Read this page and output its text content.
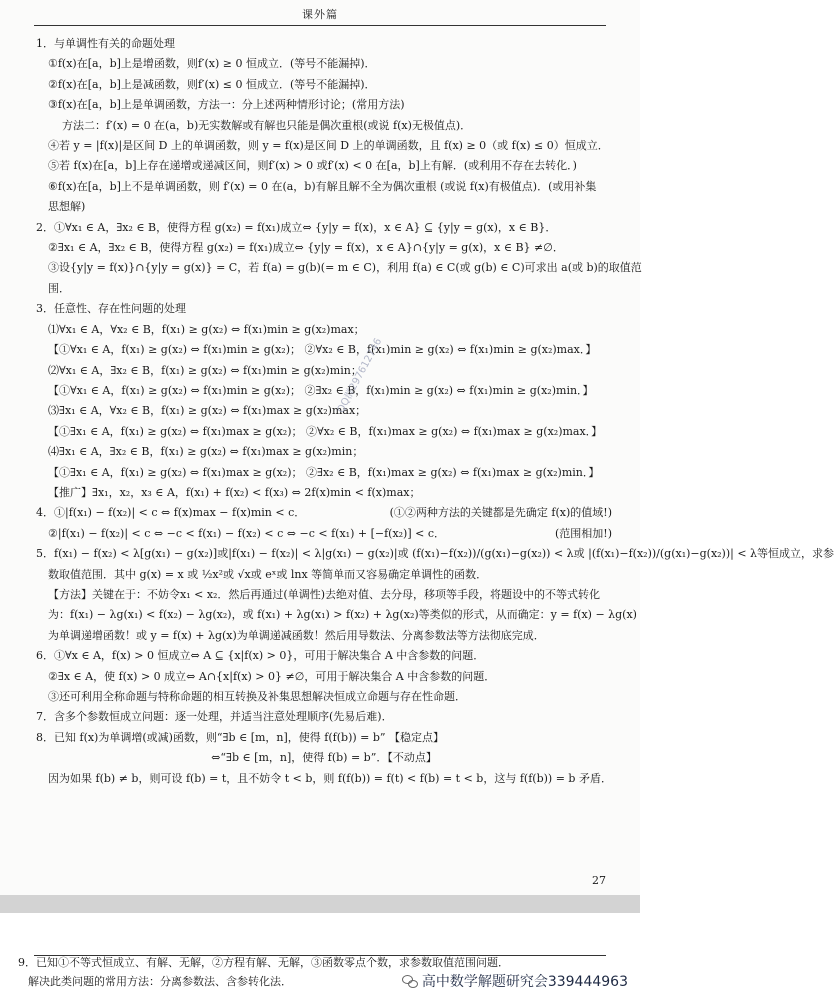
课外篇
1．与单调性有关的命题处理
①f(x)在[a，b]上是增函数，则f′(x) ≥ 0 恒成立．(等号不能漏掉)．
②f(x)在[a，b]上是减函数，则f′(x) ≤ 0 恒成立．(等号不能漏掉)．
③f(x)在[a，b]上是单调函数，方法一：分上述两种情形讨论；(常用方法)
方法二：f′(x) = 0 在(a，b)无实数解或有解也只能是偶次重根(或说 f(x)无极值点)．
④若 y = |f(x)|是区间 D 上的单调函数，则 y = f(x)是区间 D 上的单调函数，且 f(x) ≥ 0（或 f(x) ≤ 0）恒成立．
⑤若 f(x)在[a，b]上存在递增或递减区间，则f′(x) > 0 或f′(x) < 0 在[a，b]上有解．(或利用不存在去转化．)
⑥f(x)在[a，b]上不是单调函数，则 f′(x) = 0 在(a，b)有解且解不全为偶次重根 (或说 f(x)有极值点)．(或用补集
思想解)
2．①∀x₁ ∈ A，∃x₂ ∈ B，使得方程 g(x₂) = f(x₁)成立⇔ {y|y = f(x)，x ∈ A} ⊆ {y|y = g(x)，x ∈ B}．
②∃x₁ ∈ A，∃x₂ ∈ B，使得方程 g(x₂) = f(x₁)成立⇔ {y|y = f(x)，x ∈ A}∩{y|y = g(x)，x ∈ B} ≠∅．
③设{y|y = f(x)}∩{y|y = g(x)} = C，若 f(a) = g(b)(= m ∈ C)，利用 f(a) ∈ C(或 g(b) ∈ C)可求出 a(或 b)的取值范
围．
3．任意性、存在性问题的处理
⑴∀x₁ ∈ A，∀x₂ ∈ B，f(x₁) ≥ g(x₂) ⇔ f(x₁)min ≥ g(x₂)max；
【①∀x₁ ∈ A，f(x₁) ≥ g(x₂) ⇔ f(x₁)min ≥ g(x₂)； ②∀x₂ ∈ B，f(x₁)min ≥ g(x₂) ⇔ f(x₁)min ≥ g(x₂)max．】
⑵∀x₁ ∈ A，∃x₂ ∈ B，f(x₁) ≥ g(x₂) ⇔ f(x₁)min ≥ g(x₂)min；
【①∀x₁ ∈ A，f(x₁) ≥ g(x₂) ⇔ f(x₁)min ≥ g(x₂)； ②∃x₂ ∈ B，f(x₁)min ≥ g(x₂) ⇔ f(x₁)min ≥ g(x₂)min．】
⑶∃x₁ ∈ A，∀x₂ ∈ B，f(x₁) ≥ g(x₂) ⇔ f(x₁)max ≥ g(x₂)max；
【①∃x₁ ∈ A，f(x₁) ≥ g(x₂) ⇔ f(x₁)max ≥ g(x₂)； ②∀x₂ ∈ B，f(x₁)max ≥ g(x₂) ⇔ f(x₁)max ≥ g(x₂)max．】
⑷∃x₁ ∈ A，∃x₂ ∈ B，f(x₁) ≥ g(x₂) ⇔ f(x₁)max ≥ g(x₂)min；
【①∃x₁ ∈ A，f(x₁) ≥ g(x₂) ⇔ f(x₁)max ≥ g(x₂)； ②∃x₂ ∈ B，f(x₁)max ≥ g(x₂) ⇔ f(x₁)max ≥ g(x₂)min．】
【推广】∃x₁，x₂，x₃ ∈ A，f(x₁) + f(x₂) < f(x₃) ⇔ 2f(x)min < f(x)max；
4．①|f(x₁) − f(x₂)| < c ⇔ f(x)max − f(x)min < c．	(①②两种方法的关键都是先确定 f(x)的值域!)
②|f(x₁) − f(x₂)| < c ⇔ −c < f(x₁) − f(x₂) < c ⇔ −c < f(x₁) + [−f(x₂)] < c．	(范围相加!)
5．f(x₁) − f(x₂) < λ[g(x₁) − g(x₂)]或|f(x₁) − f(x₂)| < λ|g(x₁) − g(x₂)|或 (f(x₁)−f(x₂))/(g(x₁)−g(x₂)) < λ或 |(f(x₁)−f(x₂))/(g(x₁)−g(x₂))| < λ等恒成立，求参
数取值范围．其中 g(x) = x 或 ½x²或 √x或 eˣ或 lnx 等简单而又容易确定单调性的函数．
【方法】关键在于：不妨令x₁ < x₂．然后再通过(单调性)去绝对值、去分母，移项等手段，将题设中的不等式转化
为：f(x₁) − λg(x₁) < f(x₂) − λg(x₂)，或 f(x₁) + λg(x₁) > f(x₂) + λg(x₂)等类似的形式，从而确定：y = f(x) − λg(x)
为单调递增函数！或 y = f(x) + λg(x)为单调递减函数！然后用导数法、分离参数法等方法彻底完成．
6．①∀x ∈ A，f(x) > 0 恒成立⇔ A ⊆ {x|f(x) > 0}，可用于解决集合 A 中含参数的问题．
②∃x ∈ A，使 f(x) > 0 成立⇔ A∩{x|f(x) > 0} ≠∅，可用于解决集合 A 中含参数的问题．
③还可利用全称命题与特称命题的相互转换及补集思想解决恒成立命题与存在性命题．
7．含多个参数恒成立问题：逐一处理，并适当注意处理顺序(先易后难)．
8．已知 f(x)为单调增(或减)函数，则“∃b ∈ [m，n]，使得 f(f(b)) = b” 【稳定点】
⇔“∃b ∈ [m，n]，使得 f(b) = b”．【不动点】
因为如果 f(b) ≠ b，则可设 f(b) = t，且不妨令 t < b，则 f(f(b)) = f(t) < f(b) = t < b，这与 f(f(b)) = b 矛盾．
QQ群297612746
27
9．已知①不等式恒成立、有解、无解，②方程有解、无解，③函数零点个数，求参数取值范围问题．
解决此类问题的常用方法：分离参数法、含参转化法．	高中数学解题研究会339444963
